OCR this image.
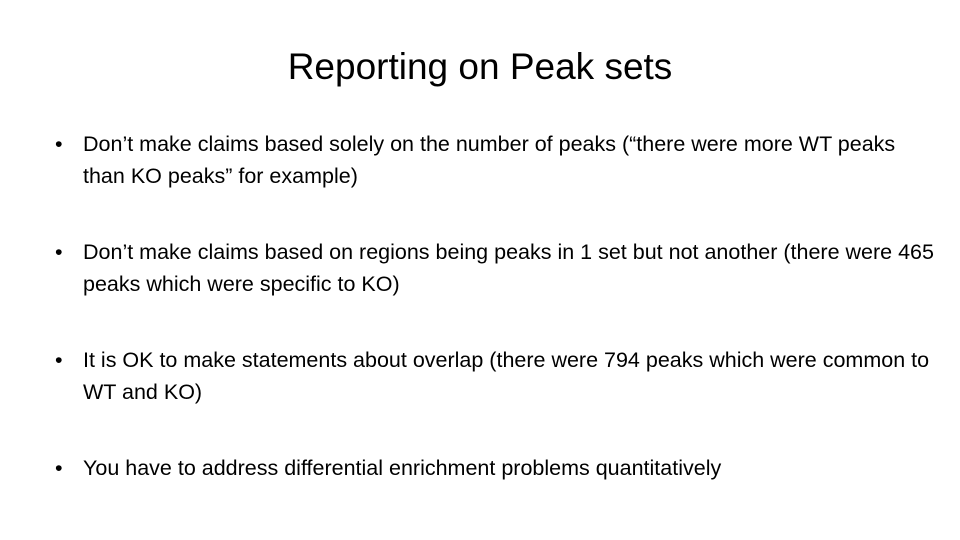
Reporting on Peak sets
• Don’t make claims based solely on the number of peaks (“there were more WT peaks than KO peaks” for example)
• Don’t make claims based on regions being peaks in 1 set but not another (there were 465 peaks which were specific to KO)
• It is OK to make statements about overlap (there were 794 peaks which were common to WT and KO)
• You have to address differential enrichment problems quantitatively
